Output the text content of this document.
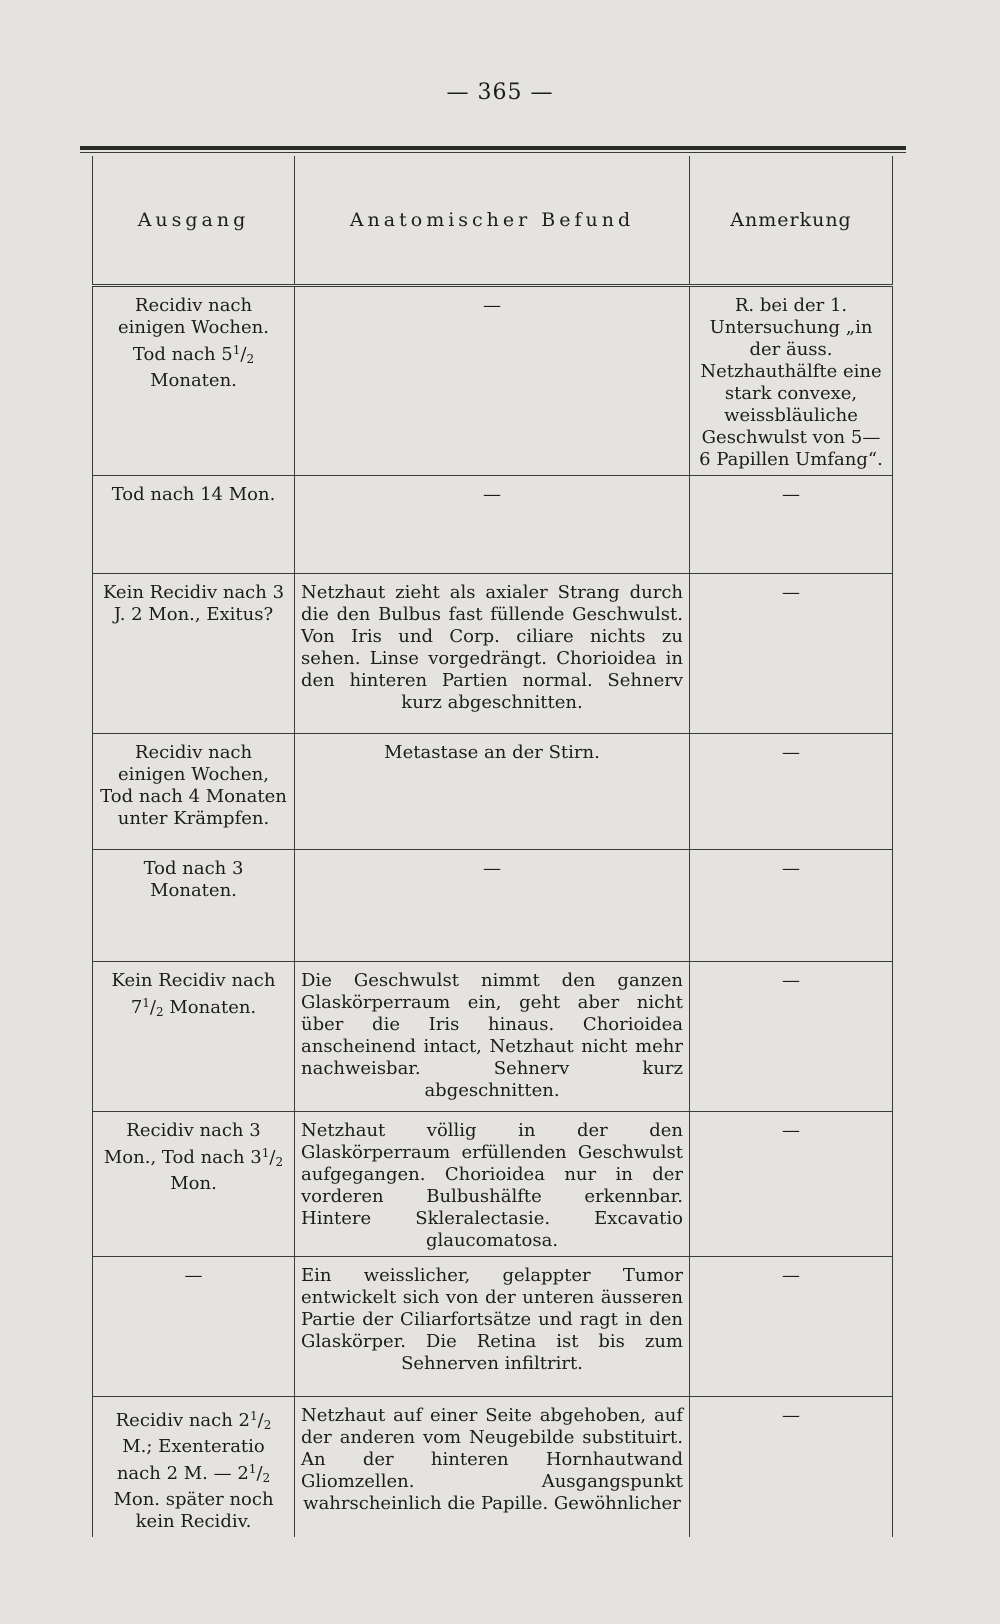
— 365 —
Ausgang	Anatomischer Befund	Anmerkung
Recidiv nach einigen Wochen. Tod nach $5^1/_2$ Monaten.	—	R. bei der 1. Untersuchung „in der äuss. Netzhauthälfte eine stark convexe, weissbläuliche Geschwulst von 5—6 Papillen Umfang“.
Tod nach 14 Mon.	—	—
Kein Recidiv nach 3 J. 2 Mon., Exitus?	Netzhaut zieht als axialer Strang durch die den Bulbus fast füllende Geschwulst. Von Iris und Corp. ciliare nichts zu sehen. Linse vorgedrängt. Chorioidea in den hinteren Partien normal. Sehnerv kurz abgeschnitten.	—
Recidiv nach einigen Wochen, Tod nach 4 Monaten unter Krämpfen.	Metastase an der Stirn.	—
Tod nach 3 Monaten.	—	—
Kein Recidiv nach $7^1/_2$ Monaten.	Die Geschwulst nimmt den ganzen Glaskörperraum ein, geht aber nicht über die Iris hinaus. Chorioidea anscheinend intact, Netzhaut nicht mehr nachweisbar. Sehnerv kurz abgeschnitten.	—
Recidiv nach 3 Mon., Tod nach $3^1/_2$ Mon.	Netzhaut völlig in der den Glaskörperraum erfüllenden Geschwulst aufgegangen. Chorioidea nur in der vorderen Bulbushälfte erkennbar. Hintere Skleralectasie. Excavatio glaucomatosa.	—
—	Ein weisslicher, gelappter Tumor entwickelt sich von der unteren äusseren Partie der Ciliarfortsätze und ragt in den Glaskörper. Die Retina ist bis zum Sehnerven infiltrirt.	—
Recidiv nach $2^1/_2$ M.; Exenteratio nach 2 M. — $2^1/_2$ Mon. später noch kein Recidiv.	Netzhaut auf einer Seite abgehoben, auf der anderen vom Neugebilde substituirt. An der hinteren Hornhautwand Gliomzellen. Ausgangspunkt wahrscheinlich die Papille. Gewöhnlicher	—
